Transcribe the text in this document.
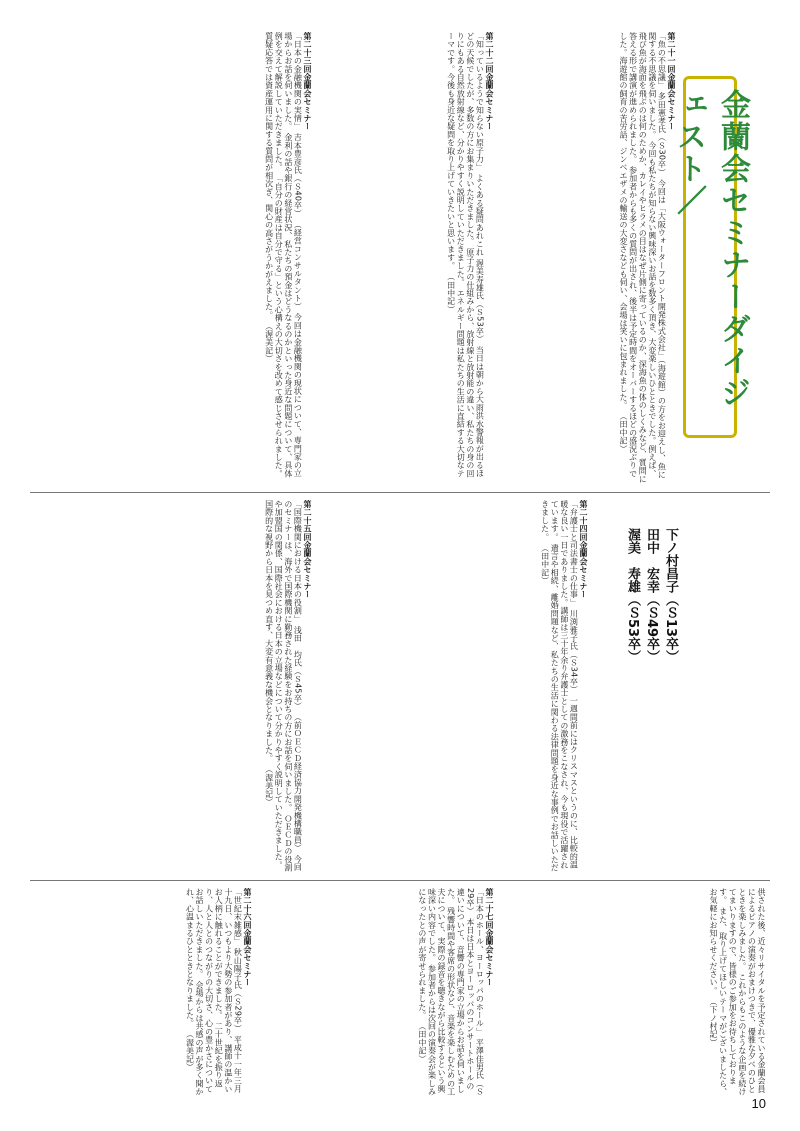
金蘭会セミナーダイジェスト／
下ノ村昌子（Ｓ13卒）
田中　宏幸（Ｓ49卒）
渥美　寿雄（Ｓ53卒）
第二十一回金蘭会セミナー
「魚の不思議」 多田憲孝氏（Ｓ30卒） 今回は「大阪ウォーターフロント開発株式会社」（海遊館）の方をお迎えし、魚に関する不思議を伺いました。 今回も私たちが知らない興味深いお話を数多く頂き、大変楽しいひとときでした。例えば、飛び魚が海面を飛ぶのは何のためか、カレイやヒラメの目はなぜ片側に寄っているのか、深海魚の体のしくみなど、質問に答える形で講演が進められました。 参加者からも多くの質問が出され、後半は予定時間をオーバーするほどの盛況ぶりでした。海遊館の飼育の苦労話、ジンベエザメの輸送の大変さなども伺い、会場は笑いに包まれました。 （田中記）
第二十二回金蘭会セミナー
「知っているようで知らない原子力」 よくある疑問あれこれ 渥美寿雄氏（Ｓ53卒） 当日は朝から大雨洪水警報が出るほどの天候でしたが、多数の方にお集まりいただきました。 原子力の仕組みから、放射線と放射能の違い、私たちの身の回りにもある自然放射線など、分かりやすく説明していただきました。 エネルギー問題は私たちの生活に直結する大切なテーマです。今後も身近な疑問を取り上げていきたいと思います。 （田中記）
第二十三回金蘭会セミナー
「日本の金融機関の実情」 吉本豊彦氏（Ｓ40卒） （経営コンサルタント） 今回は金融機関の現状について、専門家の立場からお話を伺いました。 金利の話や銀行の経営状況、私たちの預金はどうなるのかといった身近な問題について、具体例を交えて解説していただきました。 「自分の財産は自分で守る」という心構えの大切さを改めて感じさせられました。質疑応答では資産運用に関する質問が相次ぎ、関心の高さがうかがえました。 （渥美記）
第二十四回金蘭会セミナー
「弁護士と司法書士の仕事」 川渕雅子氏（Ｓ34卒） 一週間前にはクリスマスというのに、比較的温暖な良い一日でありました。講師は三十年余り弁護士としての激務をこなされ、今も現役で活躍されています。 遺言や相続、離婚問題など、私たちの生活に関わる法律問題を身近な事例でお話しいただきました。 （田中記）
第二十五回金蘭会セミナー
「国際機関における日本の役割」 浅田　均氏（Ｓ45卒） （前ＯＥＣＤ経済協力開発機構職員） 今回のセミナーは、海外で国際機関に勤務された経験をお持ちの方にお話を伺いました。 ＯＥＣＤの役割や加盟国の関係、国際社会における日本の立場などについて分かりやすく説明していただきました。 国際的な視野から日本を見つめ直す、大変有意義な機会となりました。 （渥美記）
供された後、近々リサイタルを予定されている金蘭会員によるピアノの演奏がおまけつきで、優雅な夕べのひとときを楽しみました。 これからもこのような企画を続けてまいりますので、皆様のご参加をお待ちしております。 また、取り上げてほしいテーマがございましたら、お気軽にお知らせください。 （下ノ村記）
第二十七回金蘭会セミナー
「日本のホール、ヨーロッパのホール」 平澤佳男氏（Ｓ29卒） 本日は日本とヨーロッパのコンサートホールの違いについて、音響の専門家の立場からお話を伺いました。 残響時間や客席の形状など、音楽を楽しむための工夫について、実際の録音を聴きながら比較するという興味深い内容でした。 参加者からは次回の演奏会が楽しみになったとの声が寄せられました。 （田中記）
第二十六回金蘭会セミナー
「世紀末雑感」 秋山陽子氏（Ｓ29卒） 平成十一年三月十九日、いつもより大勢の参加者があり、講師の温かいお人柄に触れることができました。 二十世紀を振り返り、人と人とのつながりの大切さ、心の豊かさについてお話しいただきました。 会場からは共感の声が多く聞かれ、心温まるひとときとなりました。 （渥美記）
10
